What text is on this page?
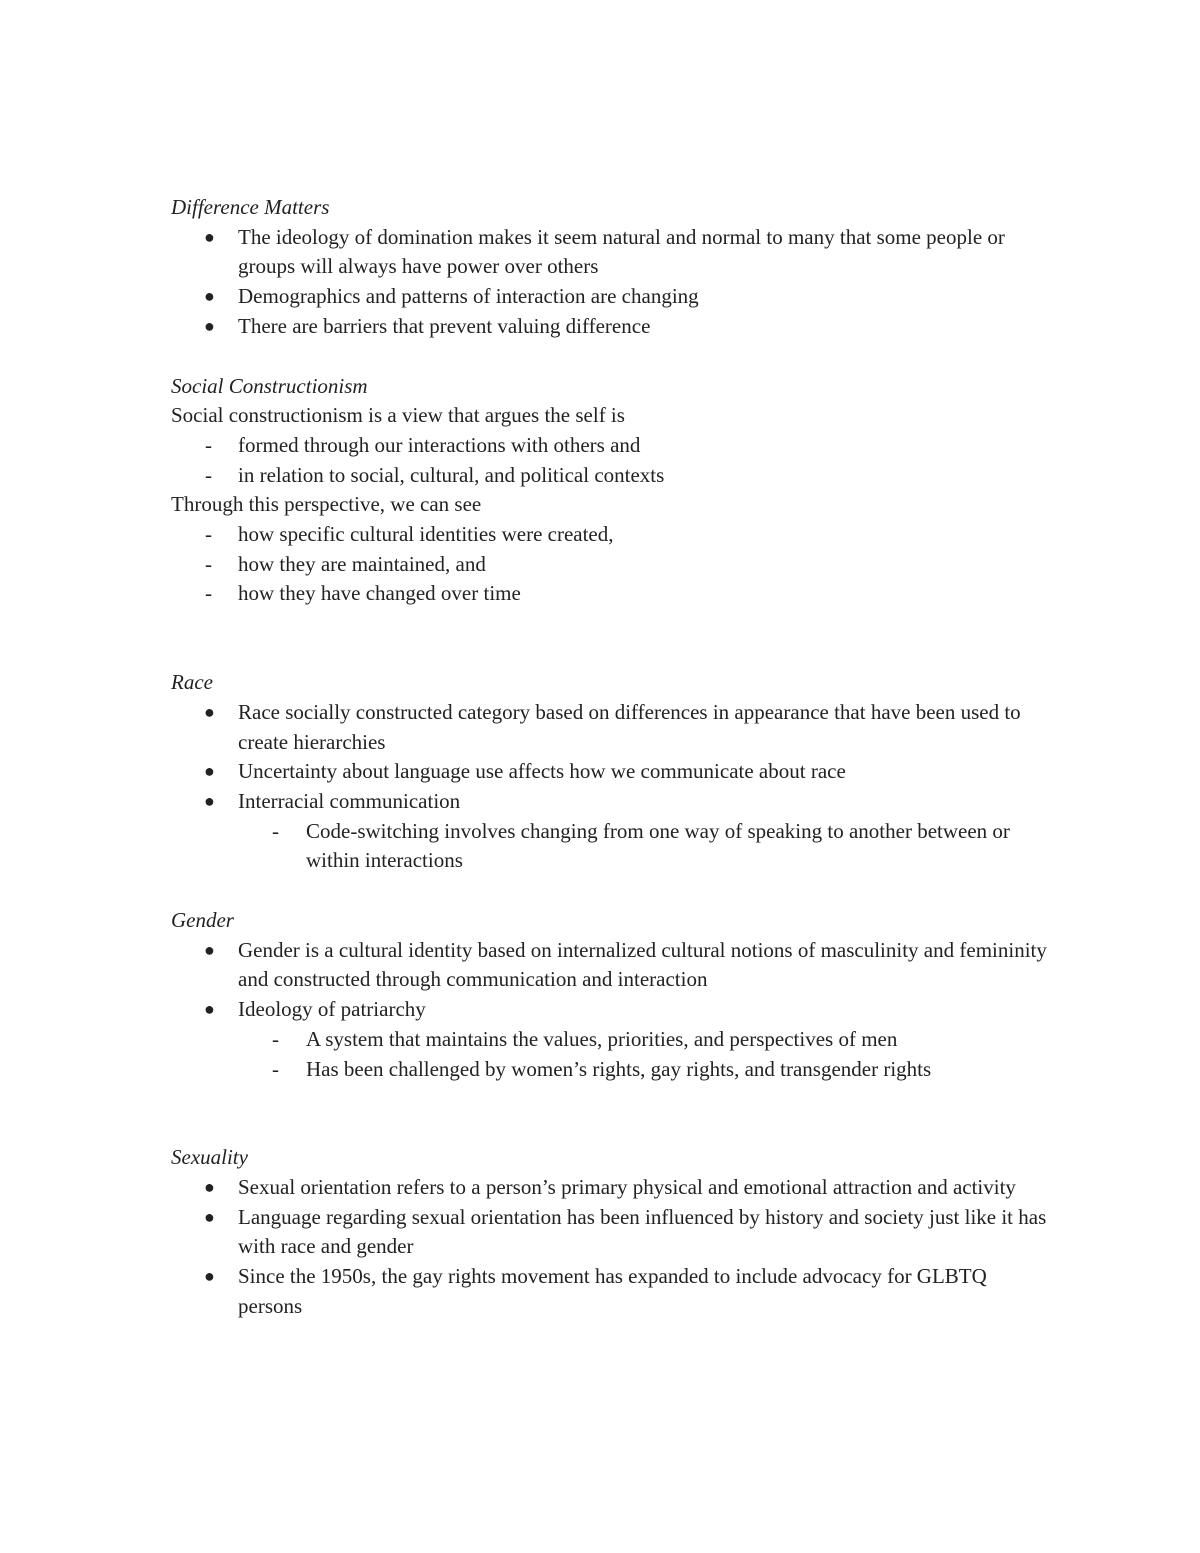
Difference Matters

● The ideology of domination makes it seem natural and normal to many that some people or groups will always have power over others
● Demographics and patterns of interaction are changing
● There are barriers that prevent valuing difference

Social Constructionism

Social constructionism is a view that argues the self is

- formed through our interactions with others and
- in relation to social, cultural, and political contexts

Through this perspective, we can see

- how specific cultural identities were created,
- how they are maintained, and
- how they have changed over time

Race

● Race socially constructed category based on differences in appearance that have been used to create hierarchies
● Uncertainty about language use affects how we communicate about race
● Interracial communication
- Code-switching involves changing from one way of speaking to another between or within interactions

Gender

● Gender is a cultural identity based on internalized cultural notions of masculinity and femininity and constructed through communication and interaction
● Ideology of patriarchy
- A system that maintains the values, priorities, and perspectives of men
- Has been challenged by women’s rights, gay rights, and transgender rights

Sexuality

● Sexual orientation refers to a person’s primary physical and emotional attraction and activity
● Language regarding sexual orientation has been influenced by history and society just like it has with race and gender
● Since the 1950s, the gay rights movement has expanded to include advocacy for GLBTQ persons
